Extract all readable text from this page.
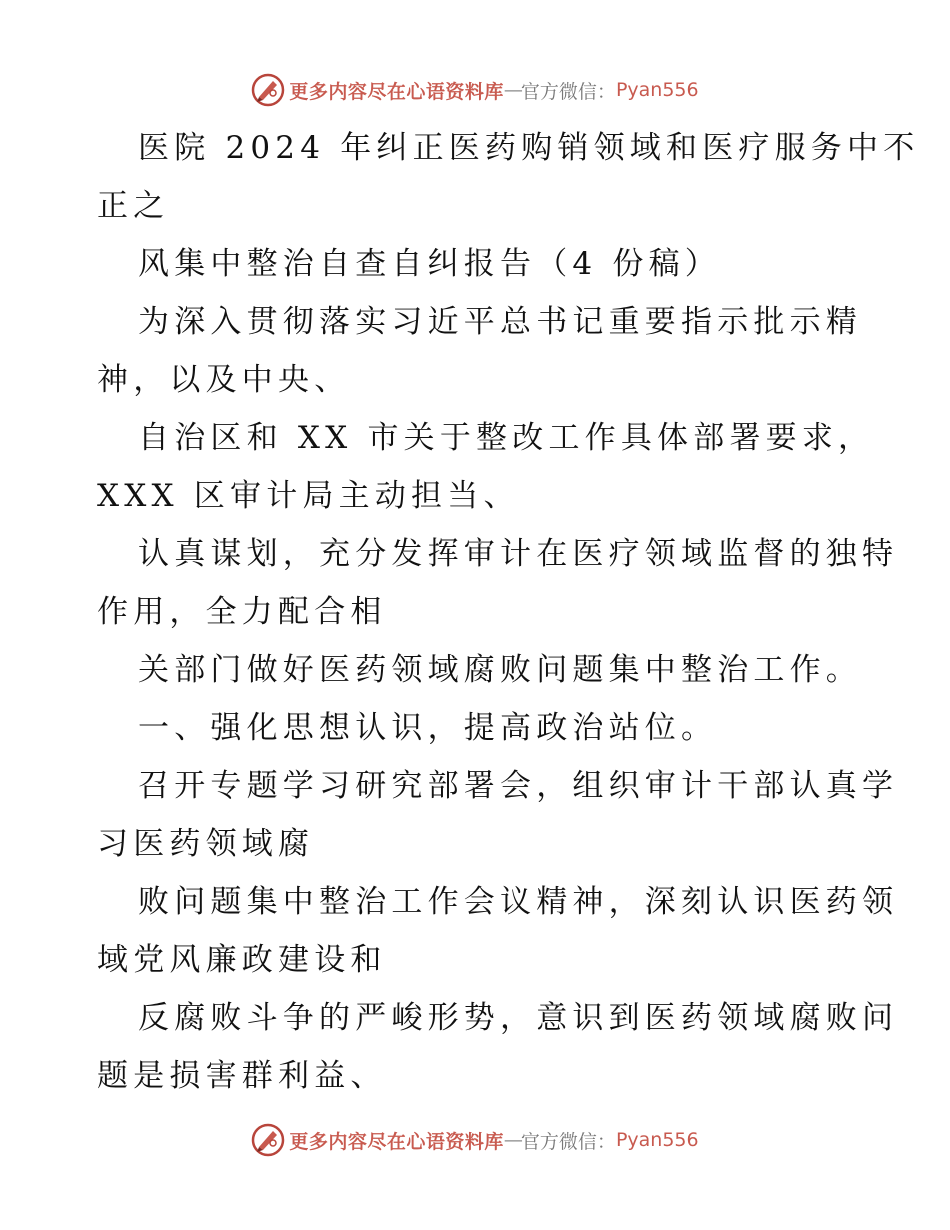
更多内容尽在心语资料库 — 官方微信： Pyan556
医院 2024 年纠正医药购销领域和医疗服务中不
正之
风集中整治自查自纠报告（4 份稿）
为深入贯彻落实习近平总书记重要指示批示精
神，以及中央、
自治区和 XX 市关于整改工作具体部署要求，
XXX 区审计局主动担当、
认真谋划，充分发挥审计在医疗领域监督的独特
作用，全力配合相
关部门做好医药领域腐败问题集中整治工作。
一、强化思想认识，提高政治站位。
召开专题学习研究部署会，组织审计干部认真学
习医药领域腐
败问题集中整治工作会议精神，深刻认识医药领
域党风廉政建设和
反腐败斗争的严峻形势，意识到医药领域腐败问
题是损害群利益、
更多内容尽在心语资料库 — 官方微信： Pyan556
